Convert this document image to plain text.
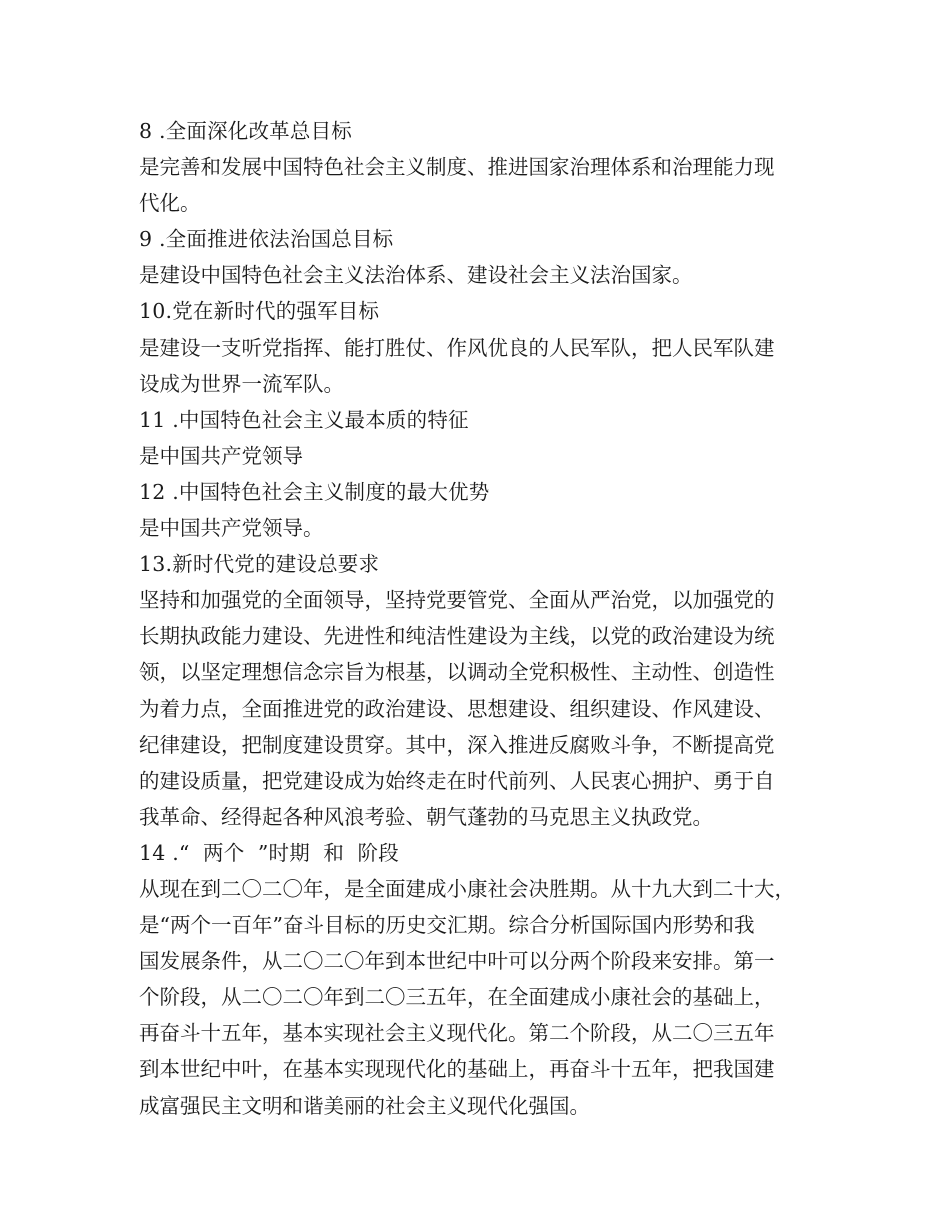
8 .全面深化改革总目标
是完善和发展中国特色社会主义制度、推进国家治理体系和治理能力现
代化。
9 .全面推进依法治国总目标
是建设中国特色社会主义法治体系、建设社会主义法治国家。
10.党在新时代的强军目标
是建设一支听党指挥、能打胜仗、作风优良的人民军队，把人民军队建
设成为世界一流军队。
11 .中国特色社会主义最本质的特征
是中国共产党领导
12 .中国特色社会主义制度的最大优势
是中国共产党领导。
13.新时代党的建设总要求
坚持和加强党的全面领导，坚持党要管党、全面从严治党，以加强党的
长期执政能力建设、先进性和纯洁性建设为主线，以党的政治建设为统
领，以坚定理想信念宗旨为根基，以调动全党积极性、主动性、创造性
为着力点，全面推进党的政治建设、思想建设、组织建设、作风建设、
纪律建设，把制度建设贯穿。其中，深入推进反腐败斗争，不断提高党
的建设质量，把党建设成为始终走在时代前列、人民衷心拥护、勇于自
我革命、经得起各种风浪考验、朝气蓬勃的马克思主义执政党。
14 .“  两个  ”时期  和  阶段
从现在到二〇二〇年，是全面建成小康社会决胜期。从十九大到二十大，
是“两个一百年”奋斗目标的历史交汇期。综合分析国际国内形势和我
国发展条件，从二〇二〇年到本世纪中叶可以分两个阶段来安排。第一
个阶段，从二〇二〇年到二〇三五年，在全面建成小康社会的基础上，
再奋斗十五年，基本实现社会主义现代化。第二个阶段，从二〇三五年
到本世纪中叶，在基本实现现代化的基础上，再奋斗十五年，把我国建
成富强民主文明和谐美丽的社会主义现代化强国。
